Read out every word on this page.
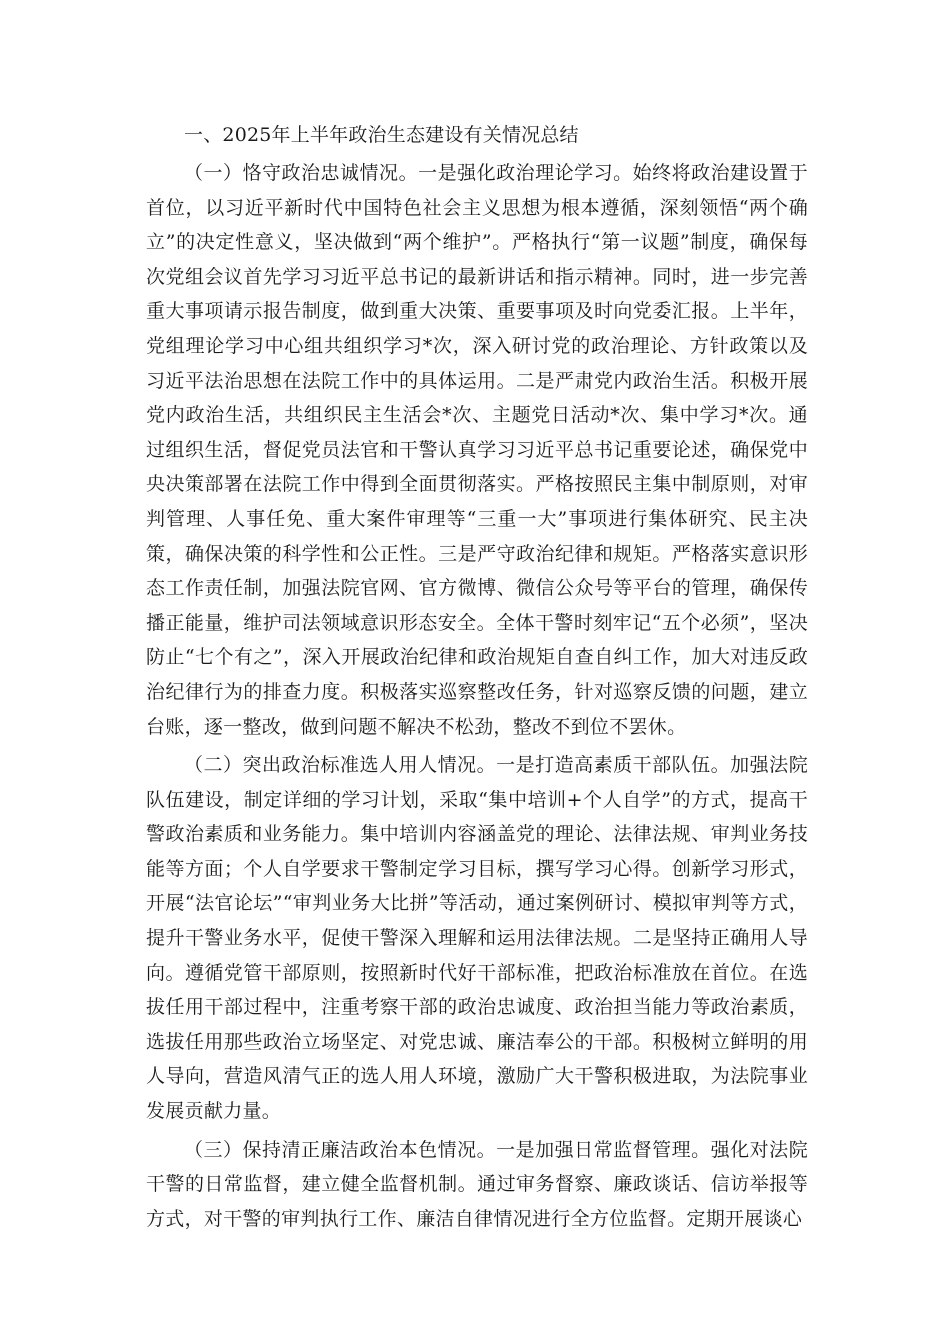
一、2025年上半年政治生态建设有关情况总结

（一）恪守政治忠诚情况。一是强化政治理论学习。始终将政治建设置于首位，以习近平新时代中国特色社会主义思想为根本遵循，深刻领悟“两个确立”的决定性意义，坚决做到“两个维护”。严格执行“第一议题”制度，确保每次党组会议首先学习习近平总书记的最新讲话和指示精神。同时，进一步完善重大事项请示报告制度，做到重大决策、重要事项及时向党委汇报。上半年，党组理论学习中心组共组织学习*次，深入研讨党的政治理论、方针政策以及习近平法治思想在法院工作中的具体运用。二是严肃党内政治生活。积极开展党内政治生活，共组织民主生活会*次、主题党日活动*次、集中学习*次。通过组织生活，督促党员法官和干警认真学习习近平总书记重要论述，确保党中央决策部署在法院工作中得到全面贯彻落实。严格按照民主集中制原则，对审判管理、人事任免、重大案件审理等“三重一大”事项进行集体研究、民主决策，确保决策的科学性和公正性。三是严守政治纪律和规矩。严格落实意识形态工作责任制，加强法院官网、官方微博、微信公众号等平台的管理，确保传播正能量，维护司法领域意识形态安全。全体干警时刻牢记“五个必须”，坚决防止“七个有之”，深入开展政治纪律和政治规矩自查自纠工作，加大对违反政治纪律行为的排查力度。积极落实巡察整改任务，针对巡察反馈的问题，建立台账，逐一整改，做到问题不解决不松劲，整改不到位不罢休。

（二）突出政治标准选人用人情况。一是打造高素质干部队伍。加强法院队伍建设，制定详细的学习计划，采取“集中培训+个人自学”的方式，提高干警政治素质和业务能力。集中培训内容涵盖党的理论、法律法规、审判业务技能等方面；个人自学要求干警制定学习目标，撰写学习心得。创新学习形式，开展“法官论坛”“审判业务大比拼”等活动，通过案例研讨、模拟审判等方式，提升干警业务水平，促使干警深入理解和运用法律法规。二是坚持正确用人导向。遵循党管干部原则，按照新时代好干部标准，把政治标准放在首位。在选拔任用干部过程中，注重考察干部的政治忠诚度、政治担当能力等政治素质，选拔任用那些政治立场坚定、对党忠诚、廉洁奉公的干部。积极树立鲜明的用人导向，营造风清气正的选人用人环境，激励广大干警积极进取，为法院事业发展贡献力量。

（三）保持清正廉洁政治本色情况。一是加强日常监督管理。强化对法院干警的日常监督，建立健全监督机制。通过审务督察、廉政谈话、信访举报等方式，对干警的审判执行工作、廉洁自律情况进行全方位监督。定期开展谈心
